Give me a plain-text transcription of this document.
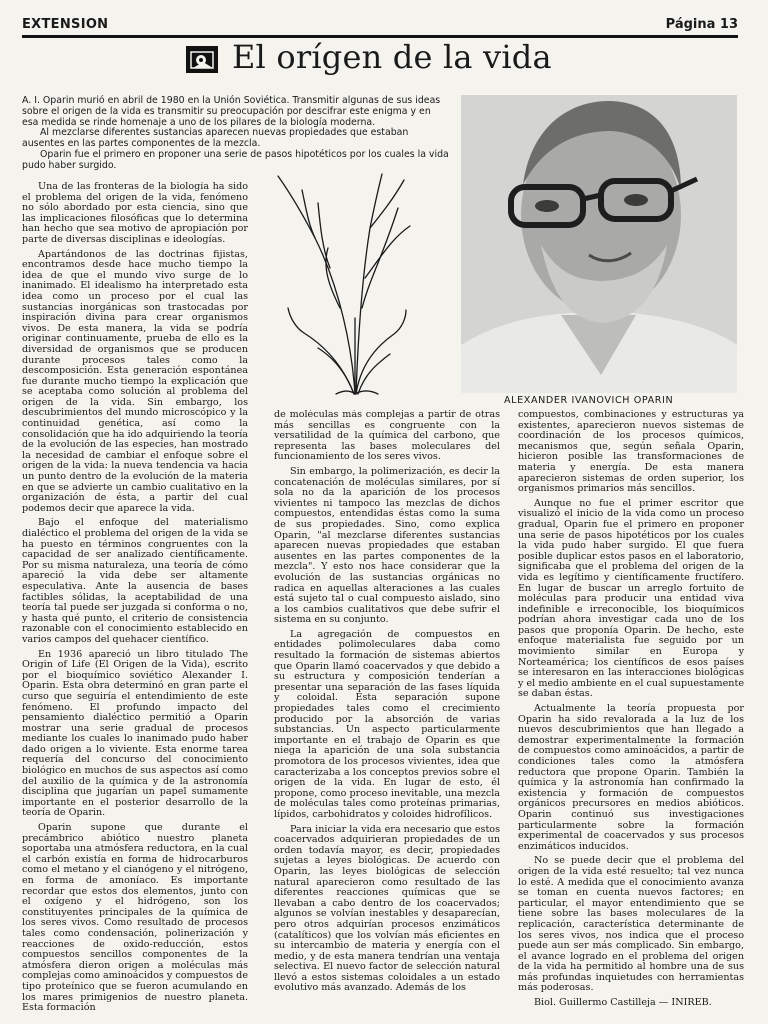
EXTENSION	Página 13
El orígen de la vida

A. I. Oparin murió en abril de 1980 en la Unión Soviética. Transmitir algunas de sus ideas sobre el origen de la vida es transmitir su preocupación por descifrar este enigma y en esa medida se rinde homenaje a uno de los pilares de la biología moderna.

Al mezclarse diferentes sustancias aparecen nuevas propiedades que estaban ausentes en las partes componentes de la mezcla.

Oparin fue el primero en proponer una serie de pasos hipotéticos por los cuales la vida pudo haber surgido.

Una de las fronteras de la biología ha sido el problema del origen de la vida, fenómeno no sólo abordado por esta ciencia, sino que las implicaciones filosóficas que lo determina han hecho que sea motivo de apropiación por parte de diversas disciplinas e ideologías.

Apartándonos de las doctrinas fijistas, encontramos desde hace mucho tiempo la idea de que el mundo vivo surge de lo inanimado. El idealismo ha interpretado esta idea como un proceso por el cual las sustancias inorgánicas son trastocadas por inspiración divina para crear organismos vivos. De esta manera, la vida se podría originar continuamente, prueba de ello es la diversidad de organismos que se producen durante procesos tales como la descomposición. Esta generación espontánea fue durante mucho tiempo la explicación que se aceptaba como solución al problema del origen de la vida. Sin embargo, los descubrimientos del mundo microscópico y la continuidad genética, así como la consolidación que ha ido adquiriendo la teoría de la evolución de las especies, han mostrado la necesidad de cambiar el enfoque sobre el origen de la vida: la nueva tendencia va hacia un punto dentro de la evolución de la materia en que se advierte un cambio cualitativo en la organización de ésta, a partir del cual podemos decir que aparece la vida.

Bajo el enfoque del materialismo dialéctico el problema del origen de la vida se ha puesto en términos congruentes con la capacidad de ser analizado científicamente. Por su misma naturaleza, una teoría de cómo apareció la vida debe ser altamente especulativa. Ante la ausencia de bases factibles sólidas, la aceptabilidad de una teoría tal puede ser juzgada si conforma o no, y hasta qué punto, el criterio de consistencia razonable con el conocimiento establecido en varios campos del quehacer científico.

En 1936 apareció un libro titulado The Origin of Life (El Origen de la Vida), escrito por el bioquímico soviético Alexander I. Oparin. Esta obra determinó en gran parte el curso que seguiría el entendimiento de este fenómeno. El profundo impacto del pensamiento dialéctico permitió a Oparin mostrar una serie gradual de procesos mediante los cuales lo inanimado pudo haber dado origen a lo viviente. Esta enorme tarea requería del concurso del conocimiento biológico en muchos de sus aspectos así como del auxilio de la química y de la astronomía disciplina que jugarían un papel sumamente importante en el posterior desarrollo de la teoría de Oparin.

Oparin supone que durante el precámbrico abiótico nuestro planeta soportaba una atmósfera reductora, en la cual el carbón existía en forma de hidrocarburos como el metano y el cianógeno y el nitrógeno, en forma de amoníaco. Es importante recordar que estos dos elementos, junto con el oxígeno y el hidrógeno, son los constituyentes principales de la química de los seres vivos. Como resultado de procesos tales como condensación, polinerización y reacciones de oxido-reducción, estos compuestos sencillos componentes de la atmósfera dieron origen a moléculas más complejas como aminoácidos y compuestos de tipo proteínico que se fueron acumulando en los mares primigenios de nuestro planeta. Esta formación

ALEXANDER IVANOVICH OPARIN

de moléculas más complejas a partir de otras más sencillas es congruente con la versatilidad de la química del carbono, que representa las bases moleculares del funcionamiento de los seres vivos.

Sin embargo, la polimerización, es decir la concatenación de moléculas similares, por sí sola no da la aparición de los procesos vivientes ni tampoco las mezclas de dichos compuestos, entendidas éstas como la suma de sus propiedades. Sino, como explica Oparin, "al mezclarse diferentes sustancias aparecen nuevas propiedades que estaban ausentes en las partes componentes de la mezcla". Y esto nos hace considerar que la evolución de las sustancias orgánicas no radica en aquellas alteraciones a las cuales está sujeto tal o cual compuesto aislado, sino a los cambios cualitativos que debe sufrir el sistema en su conjunto.

La agregación de compuestos en entidades polimoleculares daba como resultado la formación de sistemas abiertos que Oparin llamó coacervados y que debido a su estructura y composición tenderían a presentar una separación de las fases líquida y coloidal. Esta separación supone propiedades tales como el crecimiento producido por la absorción de varias substancias. Un aspecto particularmente importante en el trabajo de Oparin es que niega la aparición de una sola substancia promotora de los procesos vivientes, idea que caracterizaba a los conceptos previos sobre el origen de la vida. En lugar de esto, él propone, como proceso inevitable, una mezcla de moléculas tales como proteínas primarias, lípidos, carbohidratos y coloides hidrofílicos.

Para iniciar la vida era necesario que estos coacervados adquirieran propiedades de un orden todavía mayor, es decir, propiedades sujetas a leyes biológicas. De acuerdo con Oparin, las leyes biológicas de selección natural aparecieron como resultado de las diferentes reacciones químicas que se llevaban a cabo dentro de los coacervados; algunos se volvían inestables y desaparecían, pero otros adquirían procesos enzimáticos (catalíticos) que los volvían más eficientes en su intercambio de materia y energía con el medio, y de esta manera tendrían una ventaja selectiva. El nuevo factor de selección natural llevó a estos sistemas coloidales a un estado evolutivo más avanzado. Además de los

compuestos, combinaciones y estructuras ya existentes, aparecieron nuevos sistemas de coordinación de los procesos químicos, mecanismos que, según señala Oparin, hicieron posible las transformaciones de materia y energía. De esta manera aparecieron sistemas de orden superior, los organismos primarios más sencillos.

Aunque no fue el primer escritor que visualizó el inicio de la vida como un proceso gradual, Oparin fue el primero en proponer una serie de pasos hipotéticos por los cuales la vida pudo haber surgido. El que fuera posible duplicar estos pasos en el laboratorio, significaba que el problema del origen de la vida es legítimo y científicamente fructífero. En lugar de buscar un arreglo fortuito de moléculas para producir una entidad viva indefinible e irreconocible, los bioquímicos podrían ahora investigar cada uno de los pasos que proponía Oparin. De hecho, este enfoque materialista fue seguido por un movimiento similar en Europa y Norteamérica; los científicos de esos países se interesaron en las interacciones biológicas y el medio ambiente en el cual supuestamente se daban éstas.

Actualmente la teoría propuesta por Oparin ha sido revalorada a la luz de los nuevos descubrimientos que han llegado a demostrar experimentalmente la formación de compuestos como aminoácidos, a partir de condiciones tales como la atmósfera reductora que propone Oparin. También la química y la astronomía han confirmado la existencia y formación de compuestos orgánicos precursores en medios abióticos. Oparin continuó sus investigaciones particularmente sobre la formación experimental de coacervados y sus procesos enzimáticos inducidos.

No se puede decir que el problema del origen de la vida esté resuelto; tal vez nunca lo esté. A medida que el conocimiento avanza se toman en cuenta nuevos factores; en particular, el mayor entendimiento que se tiene sobre las bases moleculares de la replicación, característica determinante de los seres vivos, nos indica que el proceso puede aun ser más complicado. Sin embargo, el avance logrado en el problema del origen de la vida ha permitido al hombre una de sus más profundas inquietudes con herramientas más poderosas.

Biol. Guillermo Castilleja — INIREB.
